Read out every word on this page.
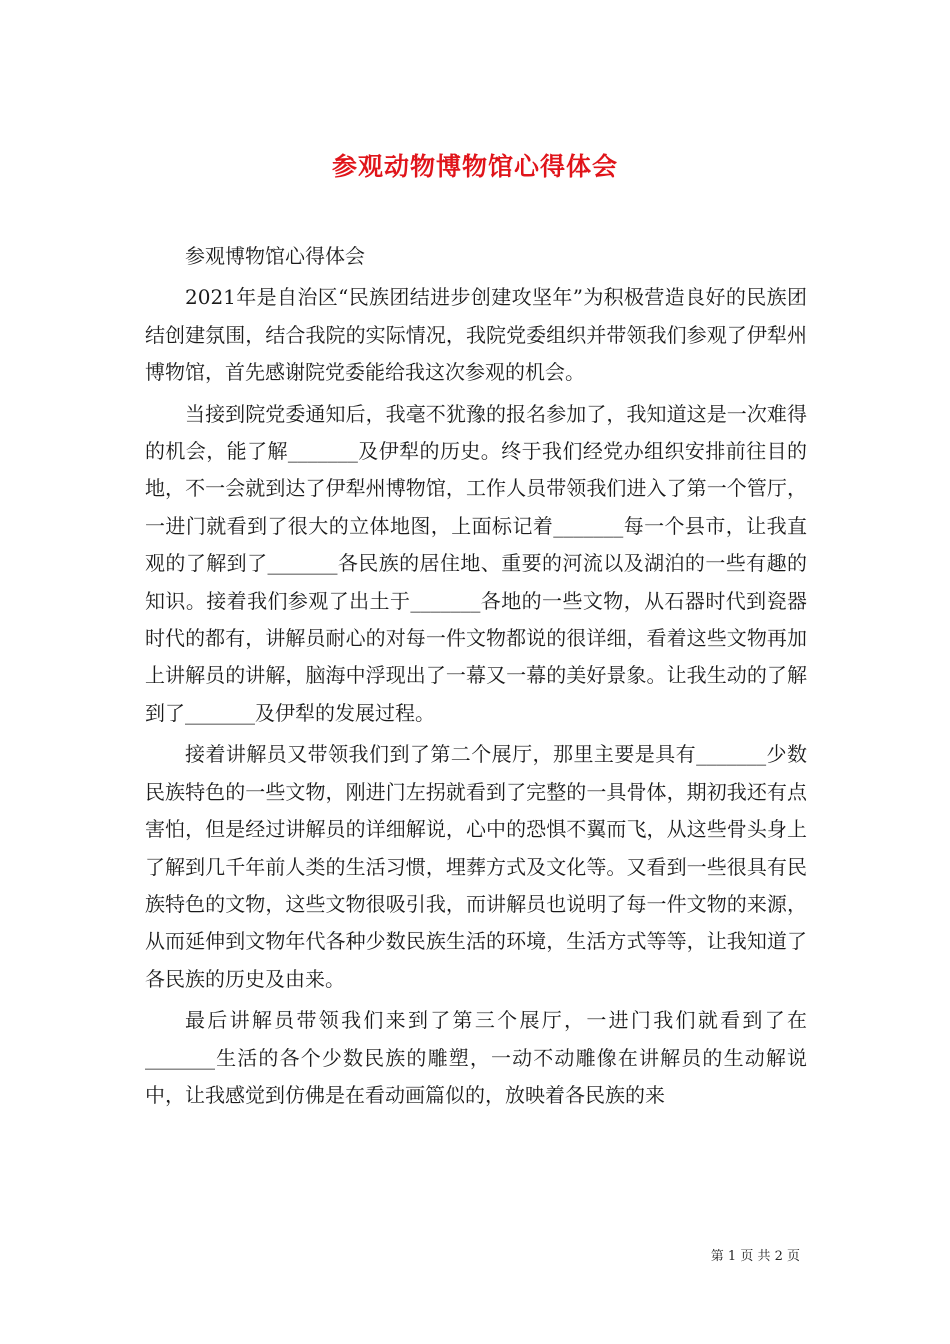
参观动物博物馆心得体会

参观博物馆心得体会

2021年是自治区“民族团结进步创建攻坚年”为积极营造良好的民族团结创建氛围，结合我院的实际情况，我院党委组织并带领我们参观了伊犁州博物馆，首先感谢院党委能给我这次参观的机会。

当接到院党委通知后，我毫不犹豫的报名参加了，我知道这是一次难得的机会，能了解_______及伊犁的历史。终于我们经党办组织安排前往目的地，不一会就到达了伊犁州博物馆，工作人员带领我们进入了第一个管厅，一进门就看到了很大的立体地图，上面标记着_______每一个县市，让我直观的了解到了_______各民族的居住地、重要的河流以及湖泊的一些有趣的知识。接着我们参观了出土于_______各地的一些文物，从石器时代到瓷器时代的都有，讲解员耐心的对每一件文物都说的很详细，看着这些文物再加上讲解员的讲解，脑海中浮现出了一幕又一幕的美好景象。让我生动的了解到了_______及伊犁的发展过程。

接着讲解员又带领我们到了第二个展厅，那里主要是具有_______少数民族特色的一些文物，刚进门左拐就看到了完整的一具骨体，期初我还有点害怕，但是经过讲解员的详细解说，心中的恐惧不翼而飞，从这些骨头身上了解到几千年前人类的生活习惯，埋葬方式及文化等。又看到一些很具有民族特色的文物，这些文物很吸引我，而讲解员也说明了每一件文物的来源，从而延伸到文物年代各种少数民族生活的环境，生活方式等等，让我知道了各民族的历史及由来。

最后讲解员带领我们来到了第三个展厅，一进门我们就看到了在_______生活的各个少数民族的雕塑，一动不动雕像在讲解员的生动解说中，让我感觉到仿佛是在看动画篇似的，放映着各民族的来

第 1 页 共 2 页
